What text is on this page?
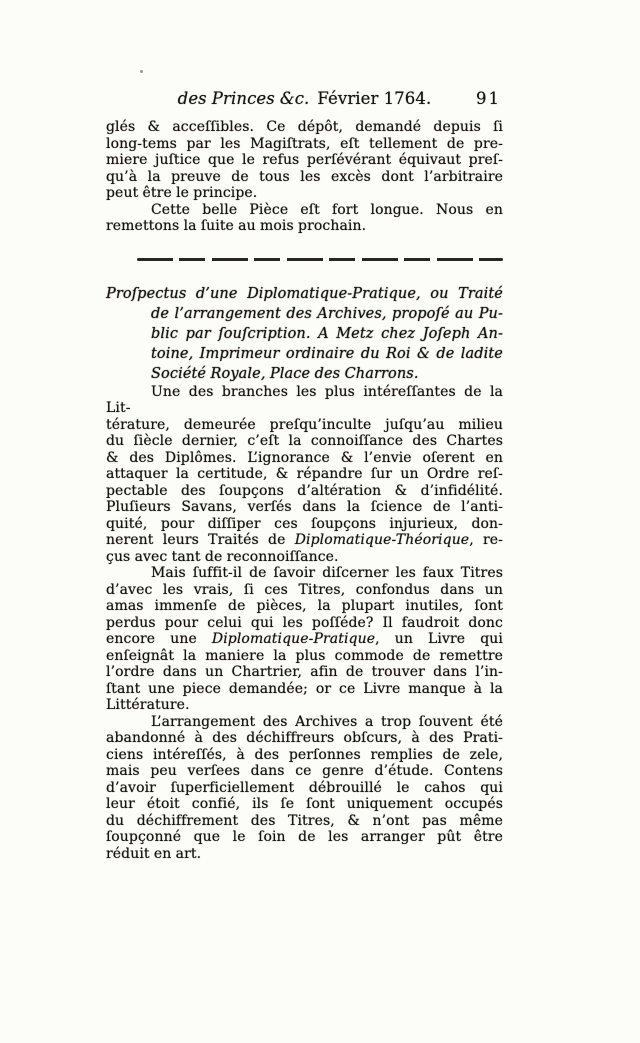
des Princes &c. Février 1764.	91

glés & acceſſibles. Ce dépôt, demandé depuis ſi
long-tems par les Magiſtrats, eſt tellement de pre-
miere juſtice que le refus perſévérant équivaut preſ-
qu’à la preuve de tous les excès dont l’arbitraire
peut être le principe.

Cette belle Pièce eſt fort longue. Nous en
remettons la ſuite au mois prochain.

Proſpectus d’une Diplomatique-Pratique, ou Traité
de l’arrangement des Archives, propoſé au Pu-
blic par ſouſcription. A Metz chez Joſeph An-
toine, Imprimeur ordinaire du Roi & de ladite
Société Royale, Place des Charrons.

Une des branches les plus intéreſſantes de la Lit-
térature, demeurée preſqu’inculte juſqu’au milieu
du ſiècle dernier, c’eſt la connoiſſance des Chartes
& des Diplômes. L’ignorance & l’envie oſerent en
attaquer la certitude, & répandre ſur un Ordre reſ-
pectable des ſoupçons d’altération & d’infidélité.
Pluſieurs Savans, verſés dans la ſcience de l’anti-
quité, pour diſſiper ces ſoupçons injurieux, don-
nerent leurs Traités de Diplomatique-Théorique, re-
çus avec tant de reconnoiſſance.

Mais ſuffit-il de ſavoir diſcerner les faux Titres
d’avec les vrais, ſi ces Titres, confondus dans un
amas immenſe de pièces, la plupart inutiles, ſont
perdus pour celui qui les poſſéde? Il faudroit donc
encore une Diplomatique-Pratique, un Livre qui
enſeignât la maniere la plus commode de remettre
l’ordre dans un Chartrier, afin de trouver dans l’in-
ſtant une piece demandée; or ce Livre manque à la
Littérature.

L’arrangement des Archives a trop ſouvent été
abandonné à des déchiffreurs obſcurs, à des Prati-
ciens intéreſſés, à des perſonnes remplies de zele,
mais peu verſees dans ce genre d’étude. Contens
d’avoir ſuperficiellement débrouillé le cahos qui
leur étoit confié, ils ſe ſont uniquement occupés
du déchiffrement des Titres, & n’ont pas même
ſoupçonné que le ſoin de les arranger pût être
réduit en art.
